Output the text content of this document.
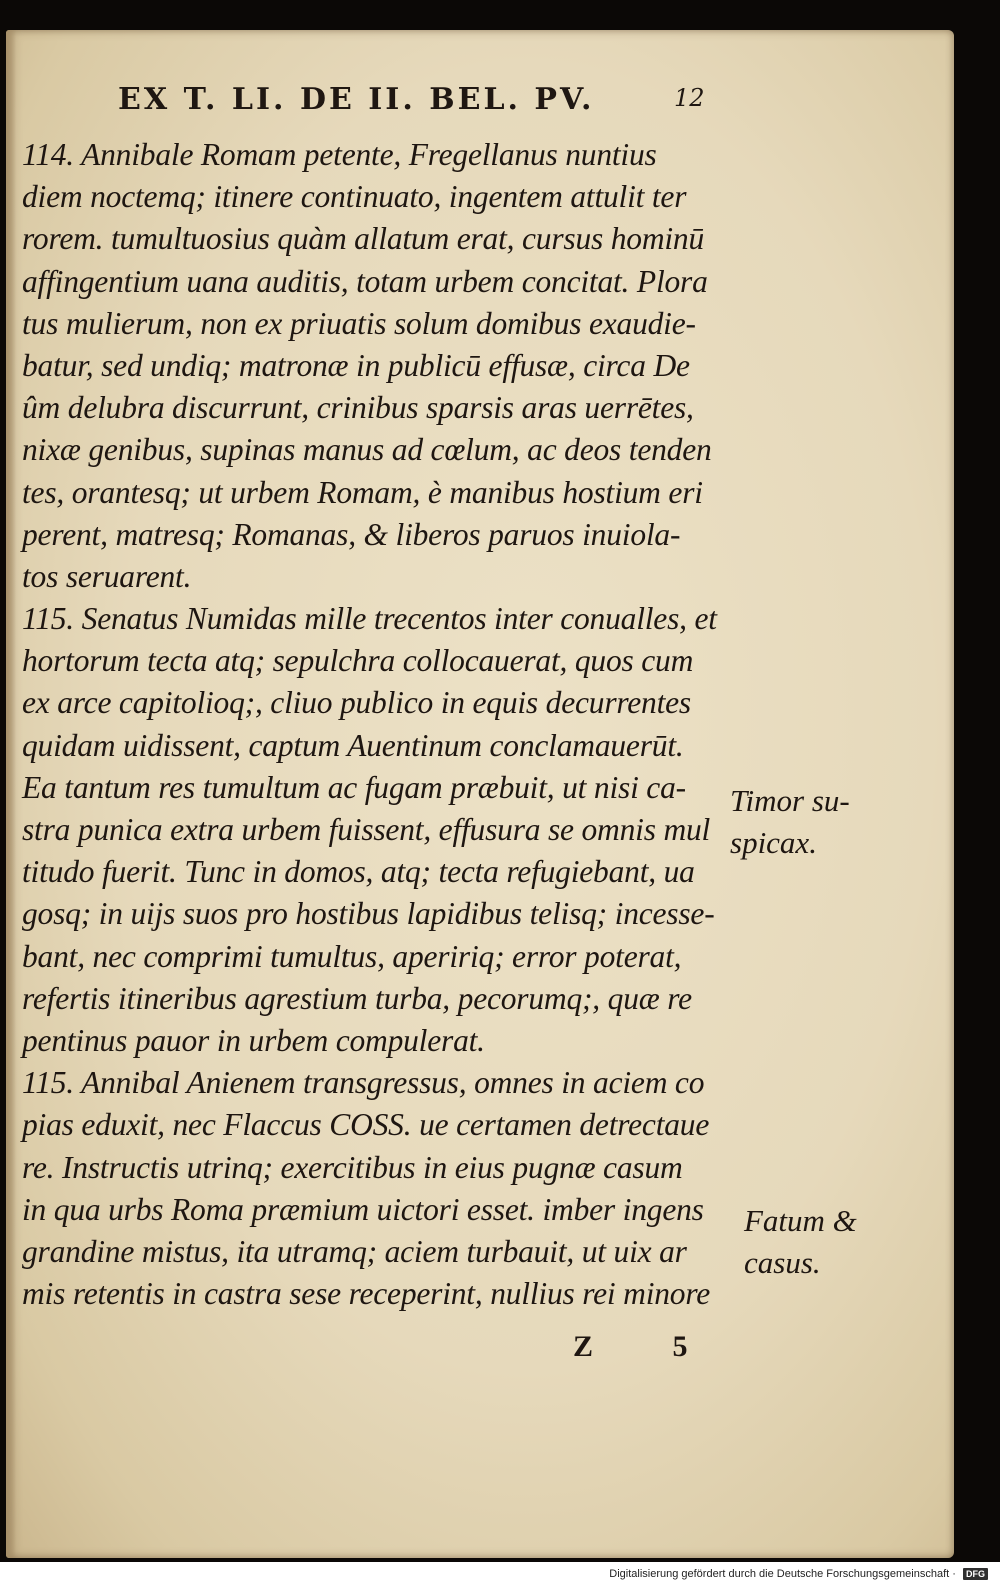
EX T. LI. DE II. BEL. PV.	12
114. Annibale Romam petente, Fregellanus nuntius
diem noctemq; itinere continuato, ingentem attulit ter
rorem. tumultuosius quàm allatum erat, cursus hominū
affingentium uana auditis, totam urbem concitat. Plora
tus mulierum, non ex priuatis solum domibus exaudie-
batur, sed undiq; matronæ in publicū effusæ, circa De
ûm delubra discurrunt, crinibus sparsis aras uerrētes,
nixæ genibus, supinas manus ad cœlum, ac deos tenden
tes, orantesq; ut urbem Romam, è manibus hostium eri
perent, matresq; Romanas, & liberos paruos inuiola-
tos seruarent.
115. Senatus Numidas mille trecentos inter conualles, et
hortorum tecta atq; sepulchra collocauerat, quos cum
ex arce capitolioq;, cliuo publico in equis decurrentes
quidam uidissent, captum Auentinum conclamauerūt.
Ea tantum res tumultum ac fugam præbuit, ut nisi ca-
stra punica extra urbem fuissent, effusura se omnis mul
titudo fuerit. Tunc in domos, atq; tecta refugiebant, ua
gosq; in uijs suos pro hostibus lapidibus telisq; incesse-
bant, nec comprimi tumultus, apeririq; error poterat,
refertis itineribus agrestium turba, pecorumq;, quæ re
pentinus pauor in urbem compulerat.
115. Annibal Anienem transgressus, omnes in aciem co
pias eduxit, nec Flaccus COSS. ue certamen detrectaue
re. Instructis utrinq; exercitibus in eius pugnæ casum
in qua urbs Roma præmium uictori esset. imber ingens
grandine mistus, ita utramq; aciem turbauit, ut uix ar
mis retentis in castra sese receperint, nullius rei minore
Timor su-
spicax.
Fatum &
casus.
Z 5
Digitalisierung gefördert durch die Deutsche Forschungsgemeinschaft · DFG
